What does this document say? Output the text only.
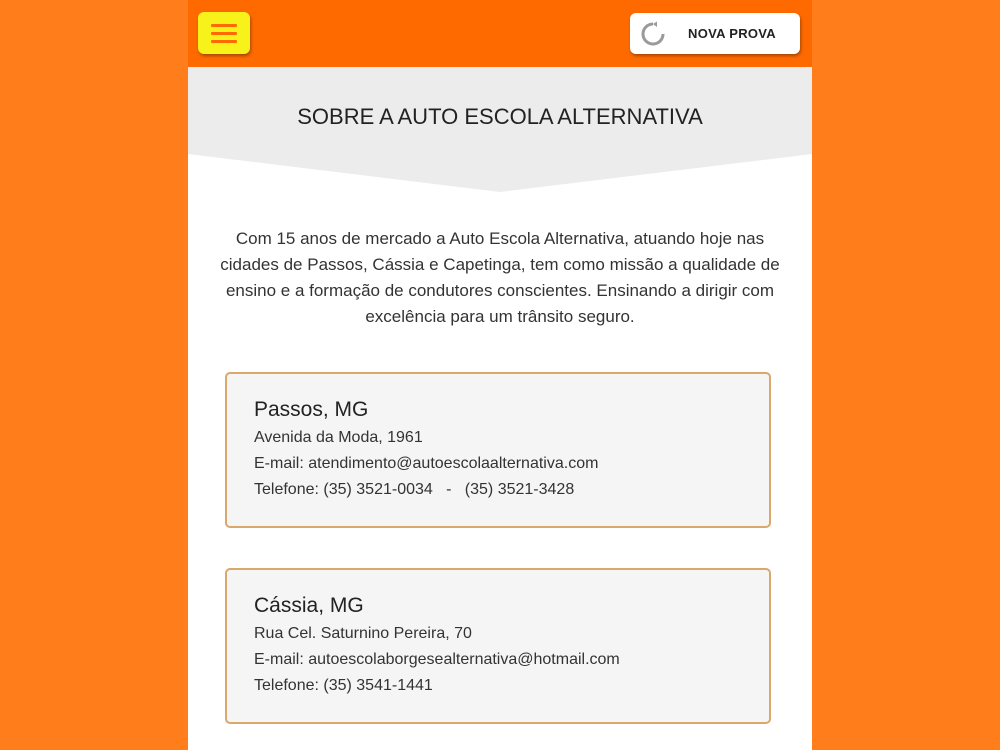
NOVA PROVA
SOBRE A AUTO ESCOLA ALTERNATIVA
Com 15 anos de mercado a Auto Escola Alternativa, atuando hoje nas cidades de Passos, Cássia e Capetinga, tem como missão a qualidade de ensino e a formação de condutores conscientes. Ensinando a dirigir com excelência para um trânsito seguro.
Passos, MG
Avenida da Moda, 1961
E-mail: atendimento@autoescolaalternativa.com
Telefone: (35) 3521-0034   -   (35) 3521-3428
Cássia, MG
Rua Cel. Saturnino Pereira, 70
E-mail: autoescolaborgesealternativa@hotmail.com
Telefone: (35) 3541-1441
